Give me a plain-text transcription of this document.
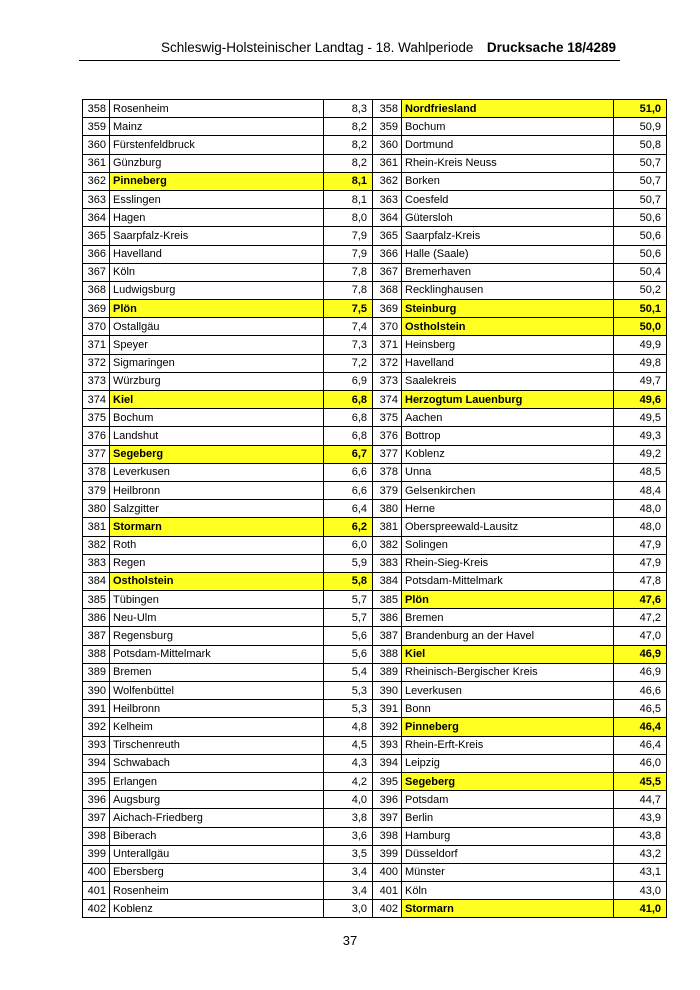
Schleswig-Holsteinischer Landtag - 18. Wahlperiode Drucksache 18/4289
358	Rosenheim	8,3	358	Nordfriesland	51,0
359	Mainz	8,2	359	Bochum	50,9
360	Fürstenfeldbruck	8,2	360	Dortmund	50,8
361	Günzburg	8,2	361	Rhein-Kreis Neuss	50,7
362	Pinneberg	8,1	362	Borken	50,7
363	Esslingen	8,1	363	Coesfeld	50,7
364	Hagen	8,0	364	Gütersloh	50,6
365	Saarpfalz-Kreis	7,9	365	Saarpfalz-Kreis	50,6
366	Havelland	7,9	366	Halle (Saale)	50,6
367	Köln	7,8	367	Bremerhaven	50,4
368	Ludwigsburg	7,8	368	Recklinghausen	50,2
369	Plön	7,5	369	Steinburg	50,1
370	Ostallgäu	7,4	370	Ostholstein	50,0
371	Speyer	7,3	371	Heinsberg	49,9
372	Sigmaringen	7,2	372	Havelland	49,8
373	Würzburg	6,9	373	Saalekreis	49,7
374	Kiel	6,8	374	Herzogtum Lauenburg	49,6
375	Bochum	6,8	375	Aachen	49,5
376	Landshut	6,8	376	Bottrop	49,3
377	Segeberg	6,7	377	Koblenz	49,2
378	Leverkusen	6,6	378	Unna	48,5
379	Heilbronn	6,6	379	Gelsenkirchen	48,4
380	Salzgitter	6,4	380	Herne	48,0
381	Stormarn	6,2	381	Oberspreewald-Lausitz	48,0
382	Roth	6,0	382	Solingen	47,9
383	Regen	5,9	383	Rhein-Sieg-Kreis	47,9
384	Ostholstein	5,8	384	Potsdam-Mittelmark	47,8
385	Tübingen	5,7	385	Plön	47,6
386	Neu-Ulm	5,7	386	Bremen	47,2
387	Regensburg	5,6	387	Brandenburg an der Havel	47,0
388	Potsdam-Mittelmark	5,6	388	Kiel	46,9
389	Bremen	5,4	389	Rheinisch-Bergischer Kreis	46,9
390	Wolfenbüttel	5,3	390	Leverkusen	46,6
391	Heilbronn	5,3	391	Bonn	46,5
392	Kelheim	4,8	392	Pinneberg	46,4
393	Tirschenreuth	4,5	393	Rhein-Erft-Kreis	46,4
394	Schwabach	4,3	394	Leipzig	46,0
395	Erlangen	4,2	395	Segeberg	45,5
396	Augsburg	4,0	396	Potsdam	44,7
397	Aichach-Friedberg	3,8	397	Berlin	43,9
398	Biberach	3,6	398	Hamburg	43,8
399	Unterallgäu	3,5	399	Düsseldorf	43,2
400	Ebersberg	3,4	400	Münster	43,1
401	Rosenheim	3,4	401	Köln	43,0
402	Koblenz	3,0	402	Stormarn	41,0
37
